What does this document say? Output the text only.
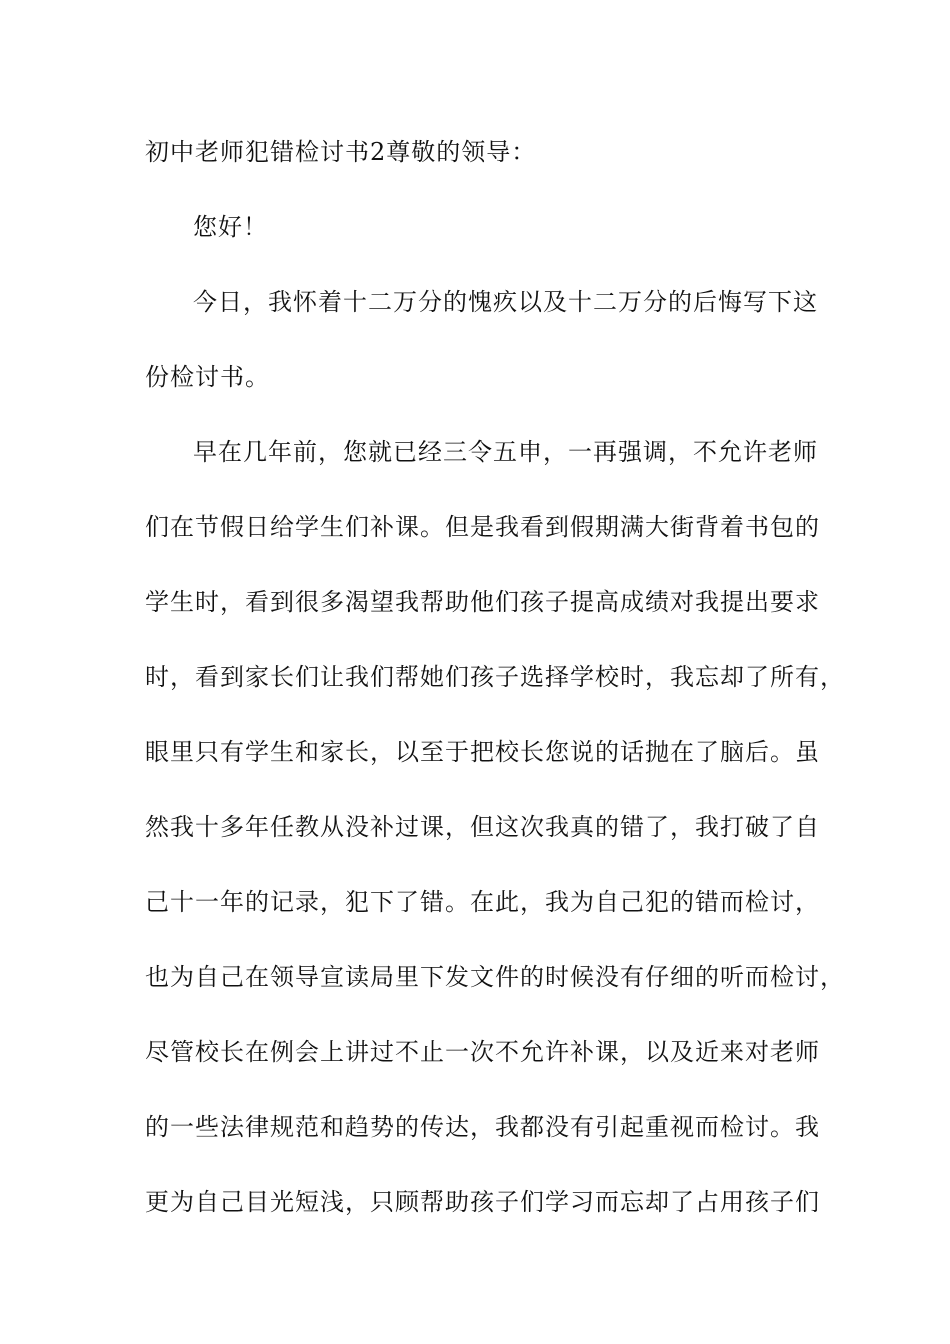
初中老师犯错检讨书2尊敬的领导：
您好！
今日，我怀着十二万分的愧疚以及十二万分的后悔写下这
份检讨书。
早在几年前，您就已经三令五申，一再强调，不允许老师
们在节假日给学生们补课。但是我看到假期满大街背着书包的
学生时，看到很多渴望我帮助他们孩子提高成绩对我提出要求
时，看到家长们让我们帮她们孩子选择学校时，我忘却了所有，
眼里只有学生和家长，以至于把校长您说的话抛在了脑后。虽
然我十多年任教从没补过课，但这次我真的错了，我打破了自
己十一年的记录，犯下了错。在此，我为自己犯的错而检讨，
也为自己在领导宣读局里下发文件的时候没有仔细的听而检讨，
尽管校长在例会上讲过不止一次不允许补课，以及近来对老师
的一些法律规范和趋势的传达，我都没有引起重视而检讨。我
更为自己目光短浅，只顾帮助孩子们学习而忘却了占用孩子们
